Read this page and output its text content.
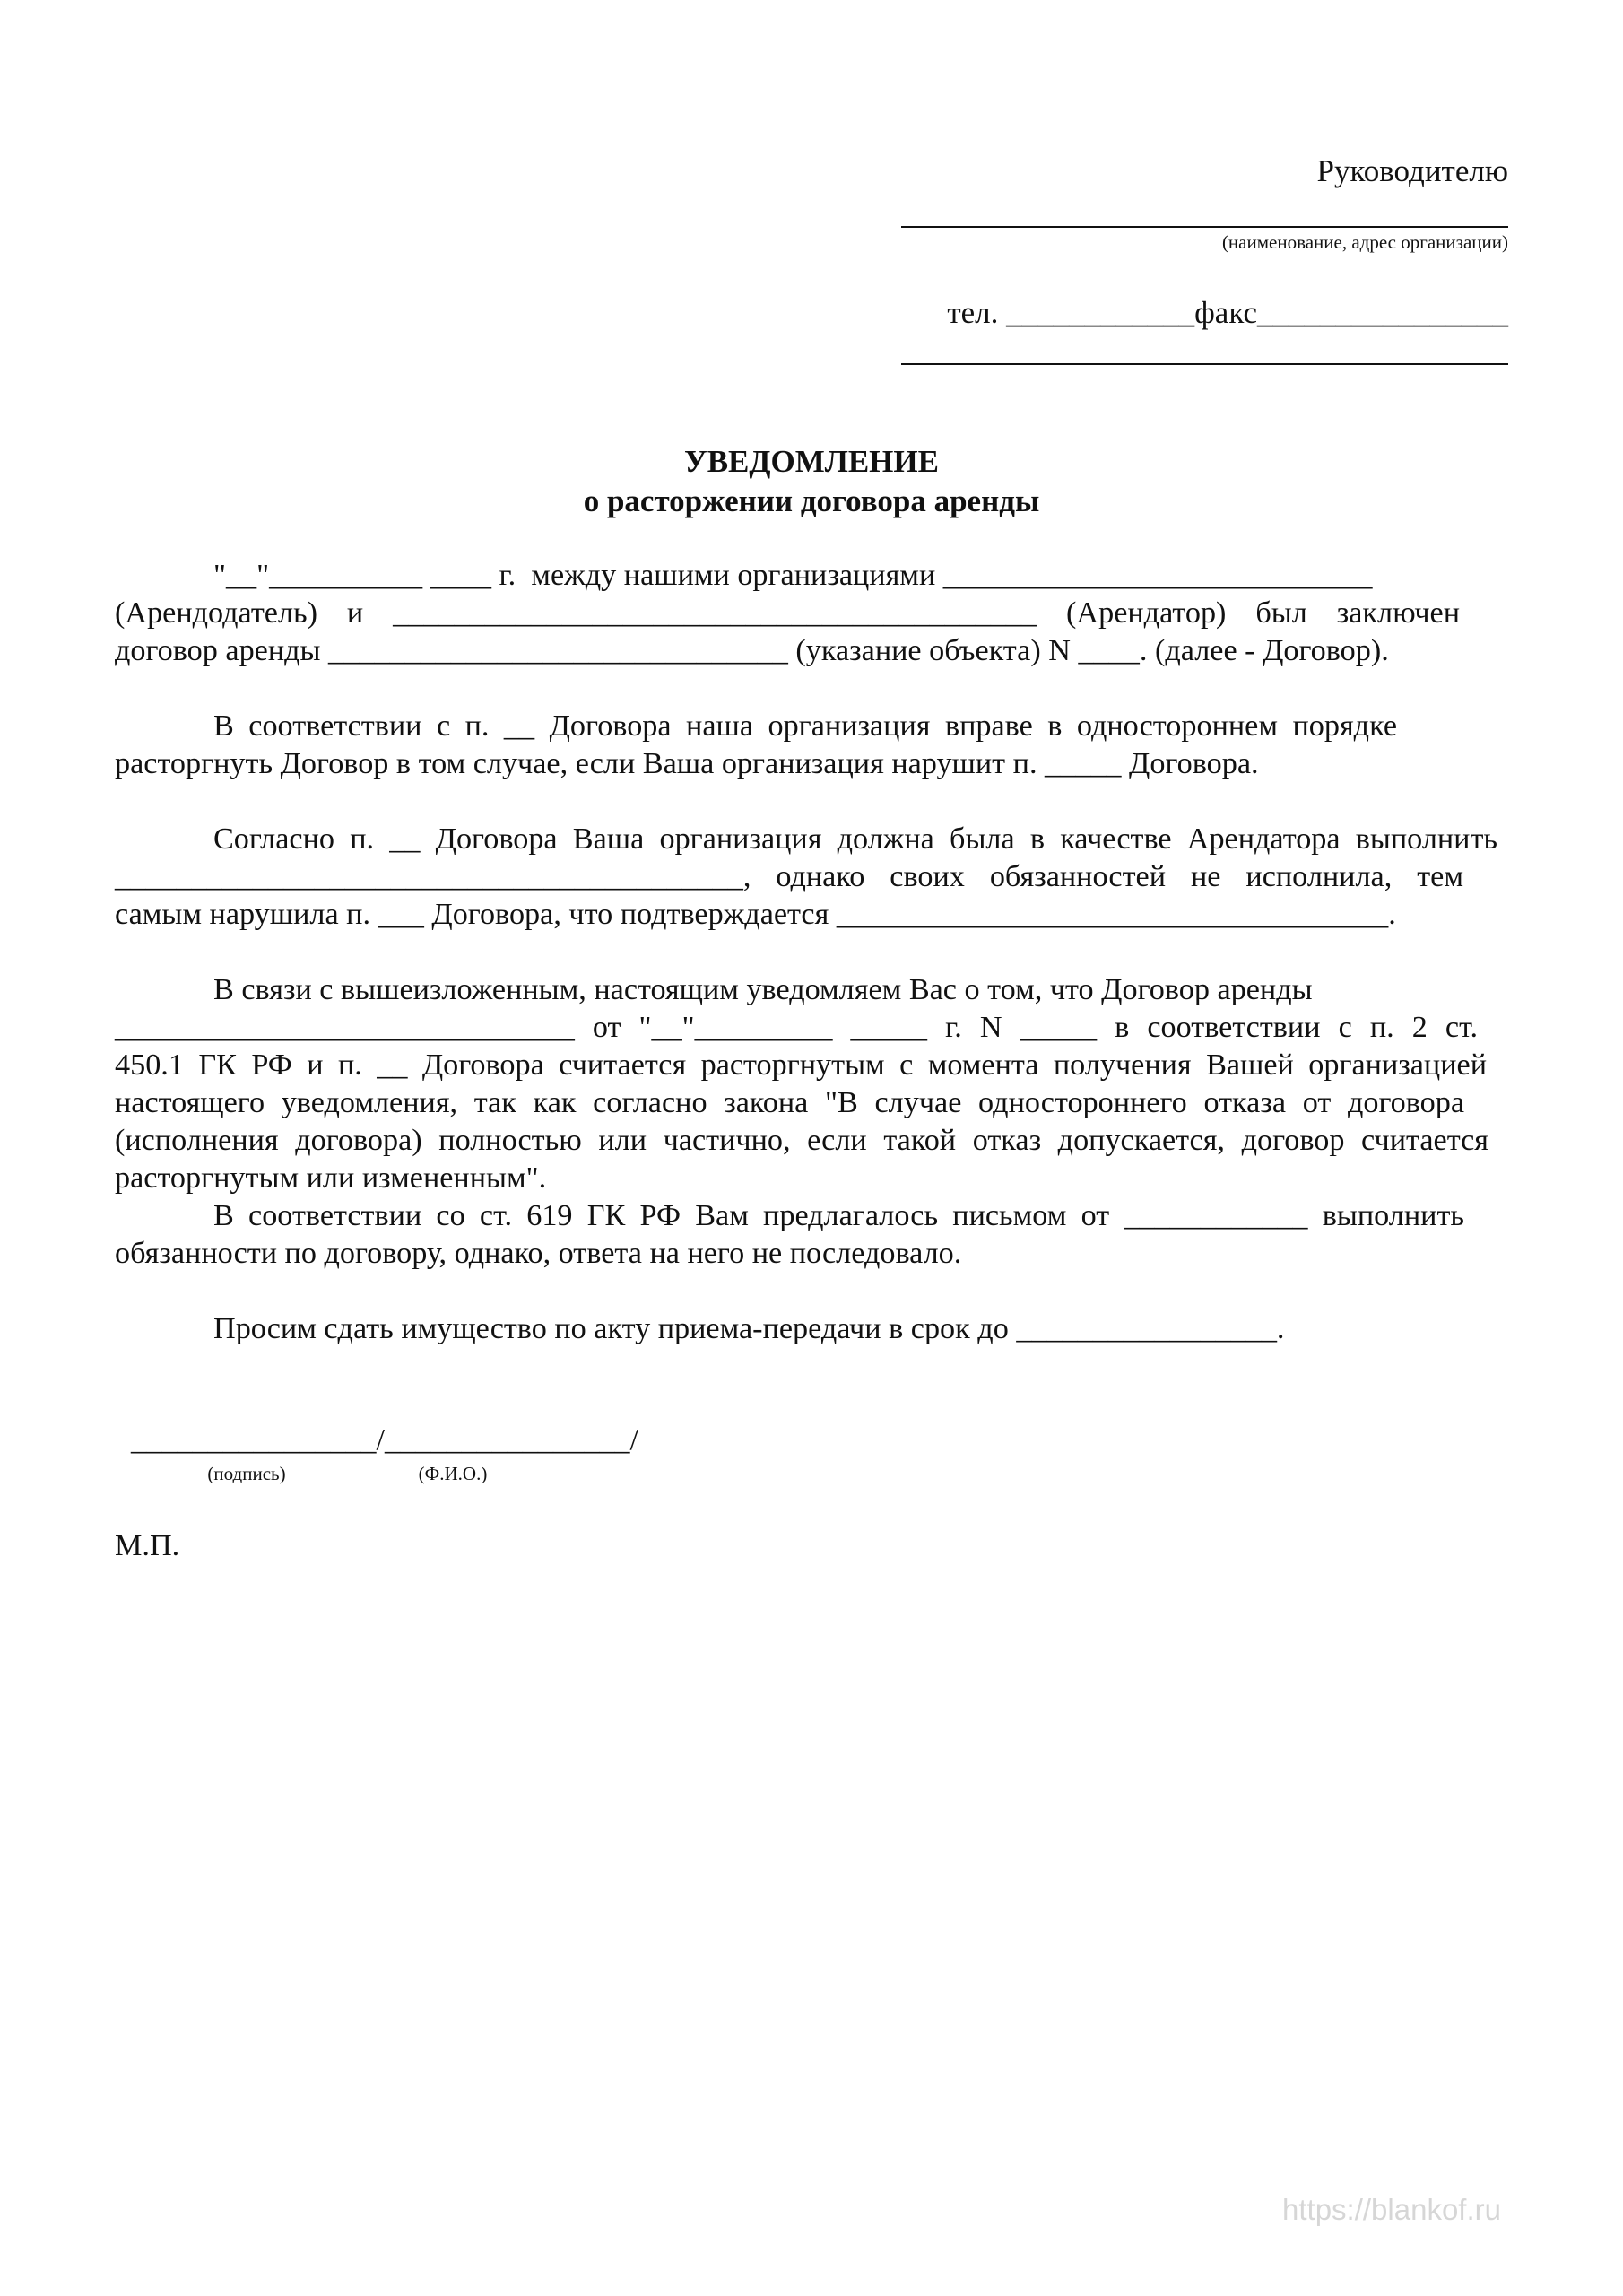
Руководителю
(наименование, адрес организации)
тел. ____________факс________________
УВЕДОМЛЕНИЕ
о расторжении договора аренды
"__"__________ ____ г.  между нашими организациями ____________________________
(Арендодатель) и __________________________________________ (Арендатор) был заключен
договор аренды ______________________________ (указание объекта) N ____. (далее - Договор).
В соответствии с п. __ Договора наша организация вправе в одностороннем порядке
расторгнуть Договор в том случае, если Ваша организация нарушит п. _____ Договора.
Согласно п. __ Договора Ваша организация должна была в качестве Арендатора выполнить
_________________________________________, однако своих обязанностей не исполнила, тем
самым нарушила п. ___ Договора, что подтверждается ____________________________________.
В связи с вышеизложенным, настоящим уведомляем Вас о том, что Договор аренды
______________________________ от "__"_________ _____ г. N _____ в соответствии с п. 2 ст.
450.1 ГК РФ и п. __ Договора считается расторгнутым с момента получения Вашей организацией
настоящего уведомления, так как согласно закона "В случае одностороннего отказа от договора
(исполнения договора) полностью или частично, если такой отказ допускается, договор считается
расторгнутым или измененным".
В соответствии со ст. 619 ГК РФ Вам предлагалось письмом от ____________ выполнить
обязанности по договору, однако, ответа на него не последовало.
Просим сдать имущество по акту приема-передачи в срок до _________________.
________________/________________/
(подпись)	(Ф.И.О.)
М.П.
https://blankof.ru
